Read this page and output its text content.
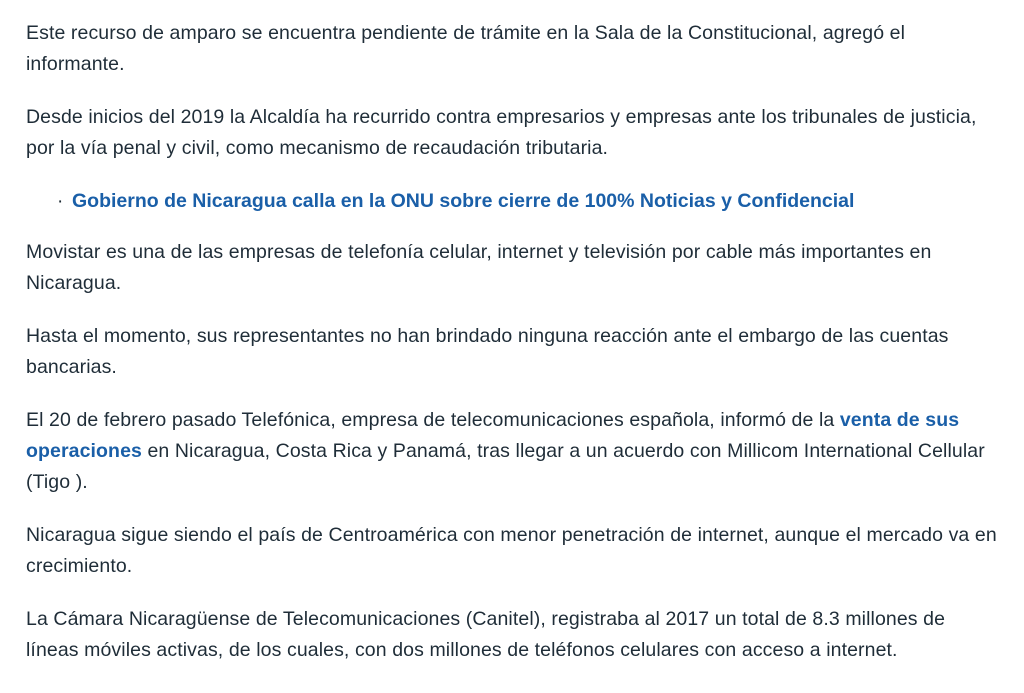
Este recurso de amparo se encuentra pendiente de trámite en la Sala de la Constitucional, agregó el informante.

Desde inicios del 2019 la Alcaldía ha recurrido contra empresarios y empresas ante los tribunales de justicia, por la vía penal y civil, como mecanismo de recaudación tributaria.

· Gobierno de Nicaragua calla en la ONU sobre cierre de 100% Noticias y Confidencial

Movistar es una de las empresas de telefonía celular, internet y televisión por cable más importantes en Nicaragua.

Hasta el momento, sus representantes no han brindado ninguna reacción ante el embargo de las cuentas bancarias.

El 20 de febrero pasado Telefónica, empresa de telecomunicaciones española, informó de la venta de sus operaciones en Nicaragua, Costa Rica y Panamá, tras llegar a un acuerdo con Millicom International Cellular (Tigo ).

Nicaragua sigue siendo el país de Centroamérica con menor penetración de internet, aunque el mercado va en crecimiento.

La Cámara Nicaragüense de Telecomunicaciones (Canitel), registraba al 2017 un total de 8.3 millones de líneas móviles activas, de los cuales, con dos millones de teléfonos celulares con acceso a internet.
